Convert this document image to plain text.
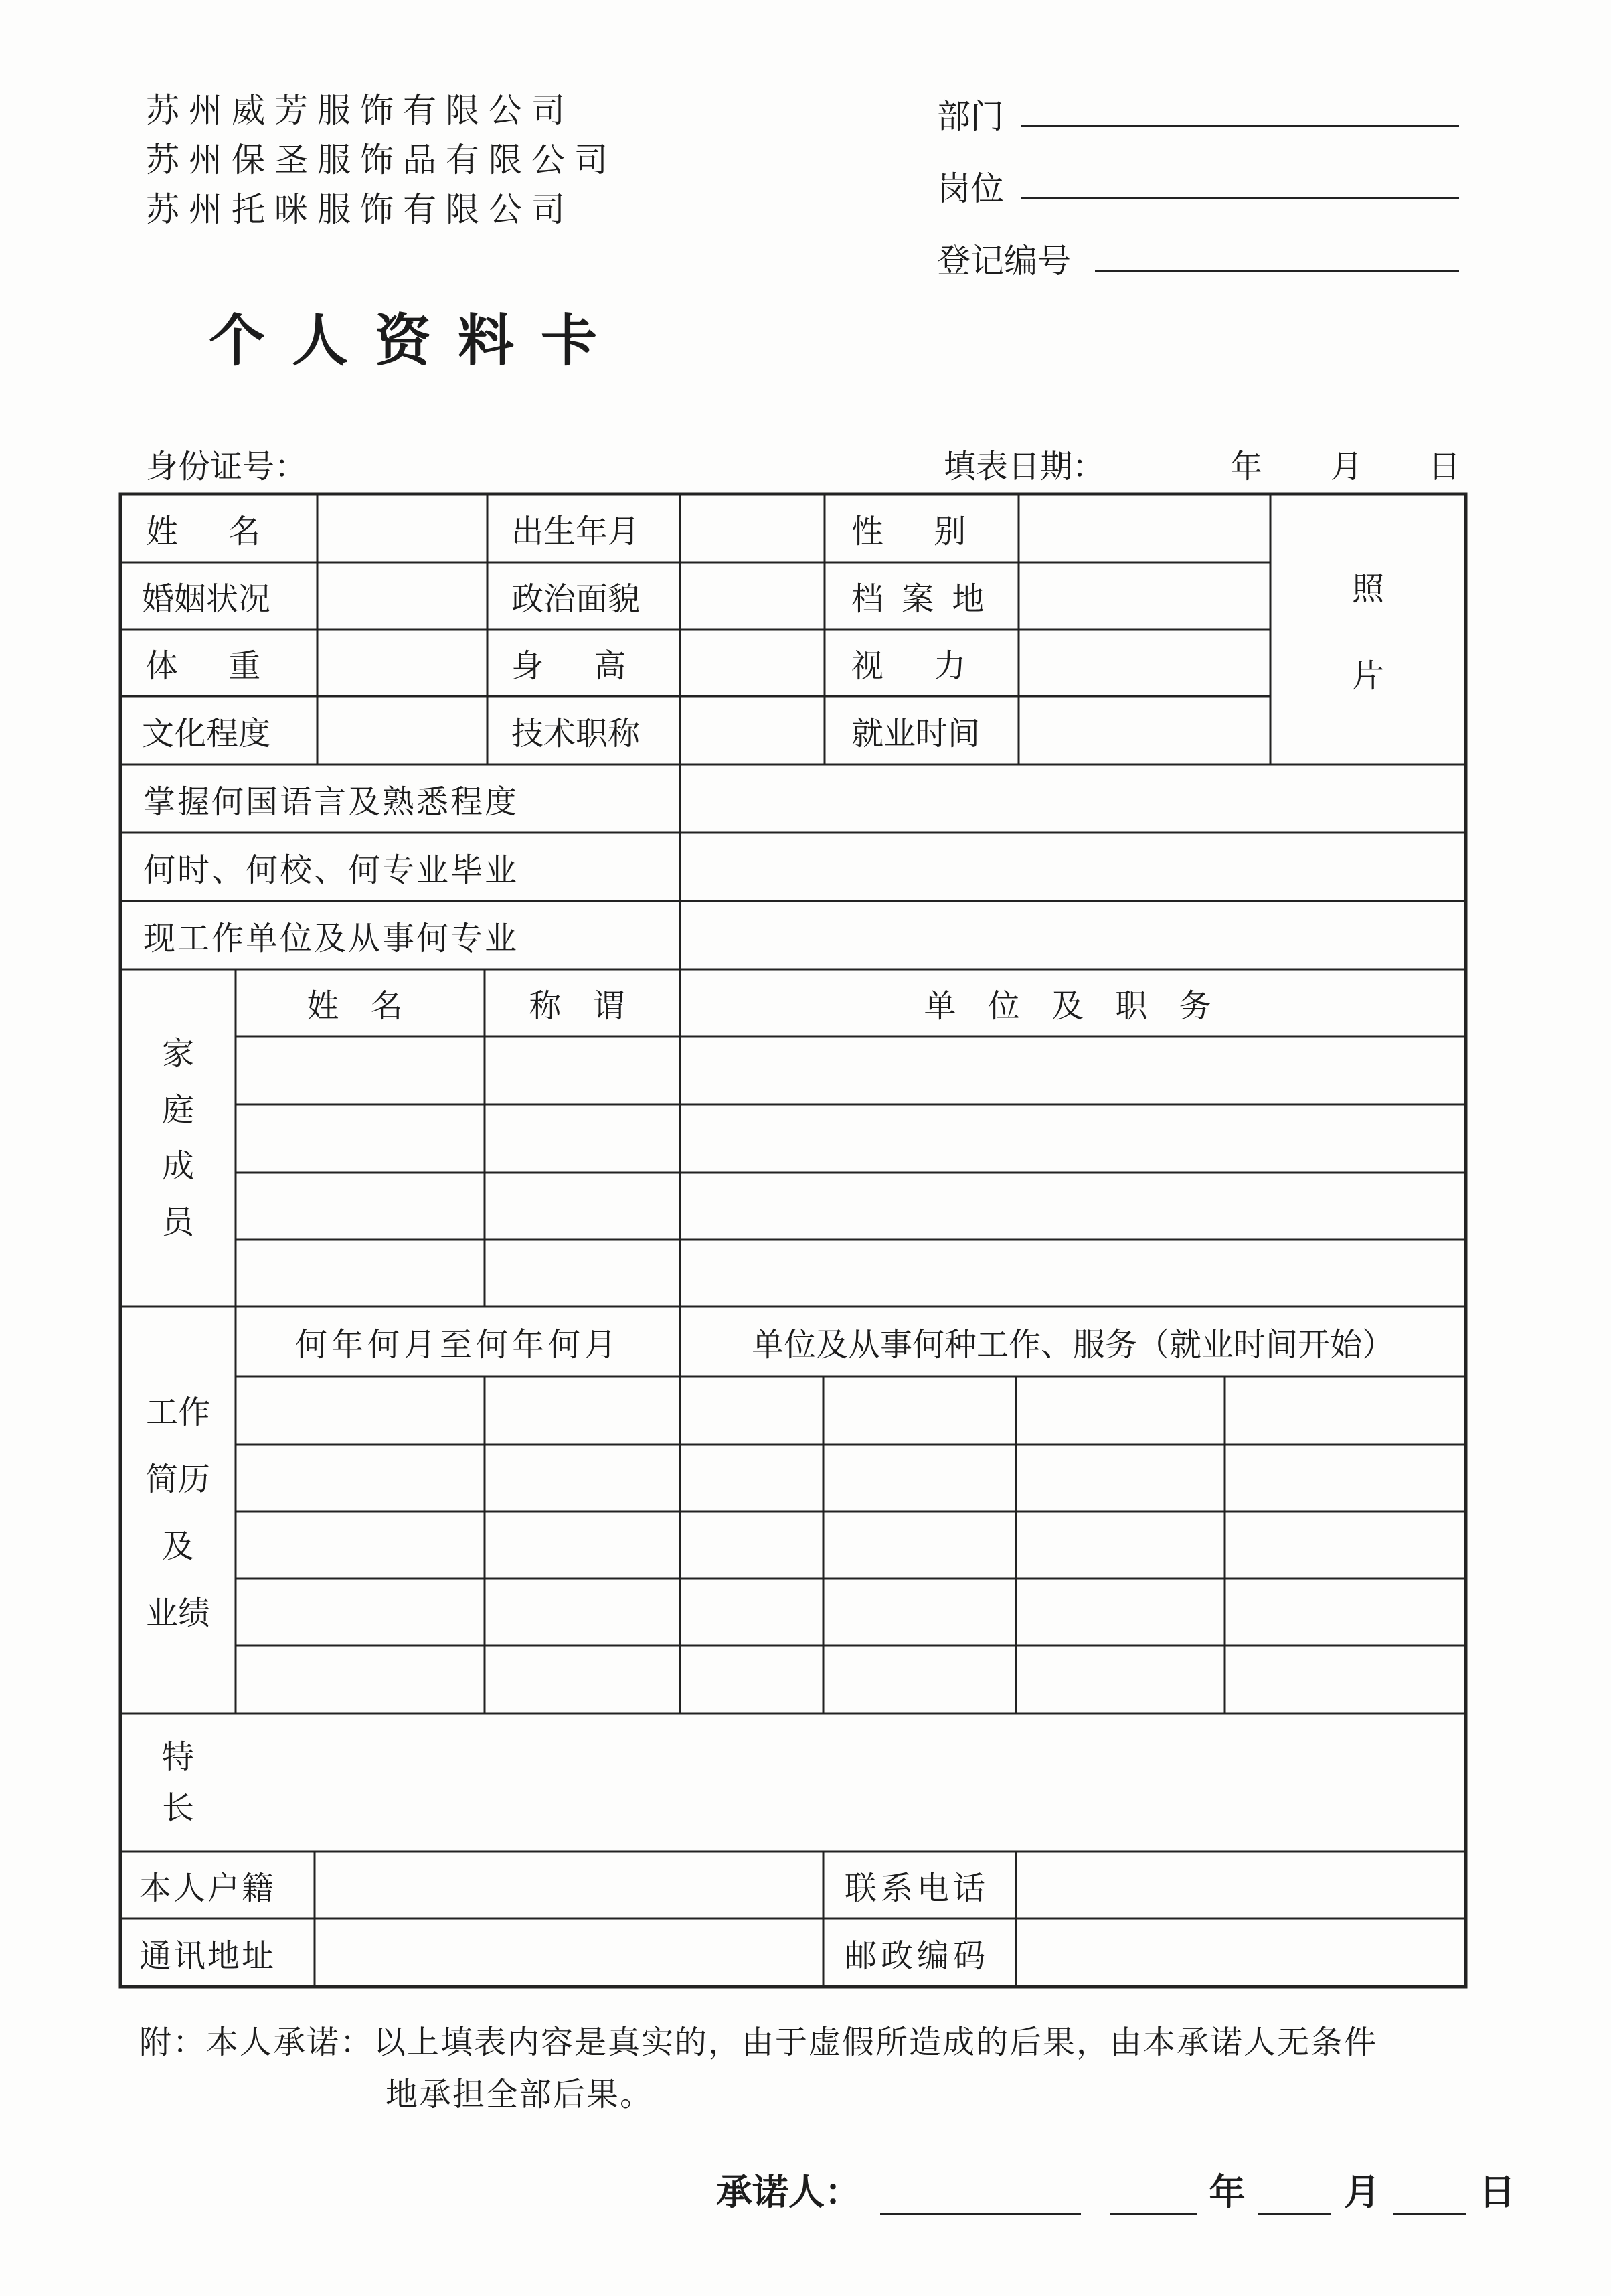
苏州威芳服饰有限公司
苏州保圣服饰品有限公司
苏州托咪服饰有限公司
部门
岗位
登记编号
个人资料卡
身份证号：	填表日期：	年 月 日
姓 名	出生年月	性 别
婚姻状况	政治面貌	档 案 地
体 重	身 高	视 力
文化程度	技术职称	就业时间
照
片
掌握何国语言及熟悉程度
何时、何校、何专业毕业
现工作单位及从事何专业
家
庭
成
员
姓 名	称 谓	单 位 及 职 务
工作
简历
及
业绩
何年何月至何年何月	单位及从事何种工作、服务（就业时间开始）
特
长
本人户籍	联系电话
通讯地址	邮政编码
附：本人承诺：以上填表内容是真实的，由于虚假所造成的后果，由本承诺人无条件
地承担全部后果。
承诺人：	年	月	日
